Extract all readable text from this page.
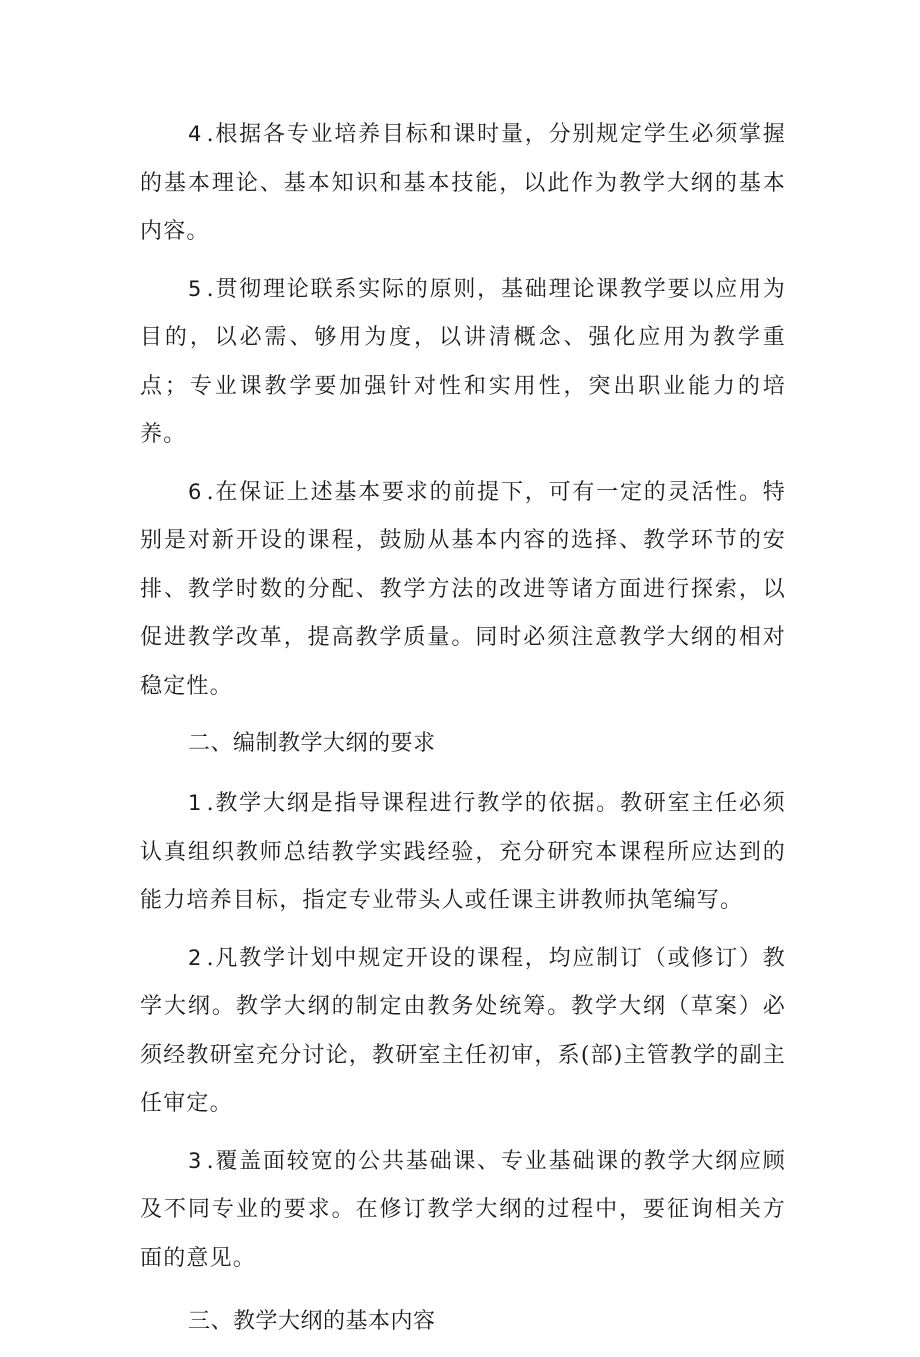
4 .根据各专业培养目标和课时量，分别规定学生必须掌握的基本理论、基本知识和基本技能，以此作为教学大纲的基本内容。

5 .贯彻理论联系实际的原则，基础理论课教学要以应用为目的，以必需、够用为度，以讲清概念、强化应用为教学重点；专业课教学要加强针对性和实用性，突出职业能力的培养。

6 .在保证上述基本要求的前提下，可有一定的灵活性。特别是对新开设的课程，鼓励从基本内容的选择、教学环节的安排、教学时数的分配、教学方法的改进等诸方面进行探索，以促进教学改革，提高教学质量。同时必须注意教学大纲的相对稳定性。

二、编制教学大纲的要求

1 .教学大纲是指导课程进行教学的依据。教研室主任必须认真组织教师总结教学实践经验，充分研究本课程所应达到的能力培养目标，指定专业带头人或任课主讲教师执笔编写。

2 .凡教学计划中规定开设的课程，均应制订（或修订）教学大纲。教学大纲的制定由教务处统筹。教学大纲（草案）必须经教研室充分讨论，教研室主任初审，系(部)主管教学的副主任审定。

3 .覆盖面较宽的公共基础课、专业基础课的教学大纲应顾及不同专业的要求。在修订教学大纲的过程中，要征询相关方面的意见。

三、教学大纲的基本内容
